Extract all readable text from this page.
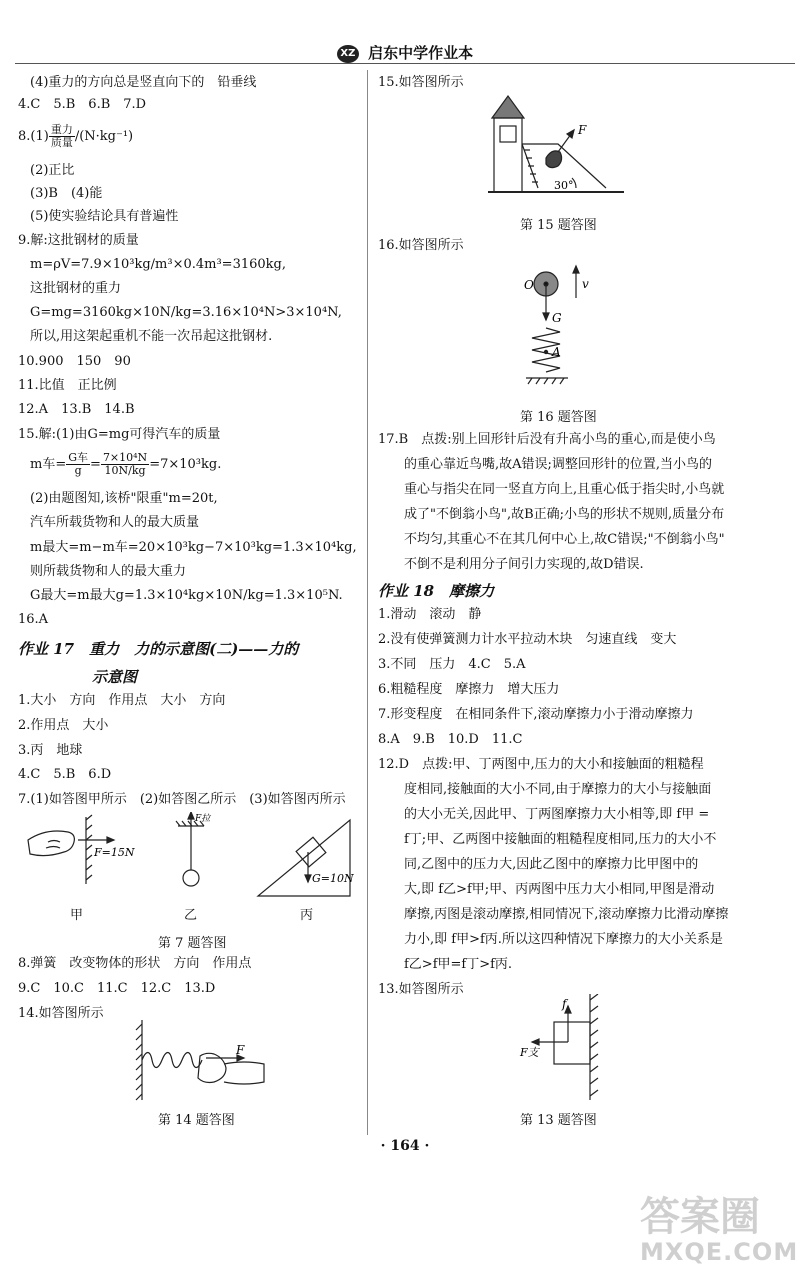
XZ 启东中学作业本
(4)重力的方向总是竖直向下的　铅垂线
4.C　5.B　6.B　7.D
$8.(1) \frac{\text{重力}}{\text{质量}} /(N\cdot kg^{-1})$
(2)正比
(3)B　(4)能
(5)使实验结论具有普遍性
9.解:这批钢材的质量
m=ρV=7.9×10³kg/m³×0.4m³=3160kg,
这批钢材的重力
G=mg=3160kg×10N/kg=3.16×10⁴N>3×10⁴N,
所以,用这架起重机不能一次吊起这批钢材.
10.900　150　90
11.比值　正比例
12.A　13.B　14.B
15.解:(1)由G=mg可得汽车的质量
m车= $\frac{\text{G车}}{g} = \frac{\text{7×10⁴N}}{10N/kg} =7\times 10^3kg$.
(2)由题图知,该桥"限重"m=20t,
汽车所载货物和人的最大质量
m最大=m−m车=20×10³kg−7×10³kg=1.3×10⁴kg,
则所载货物和人的最大重力
G最大=m最大g=1.3×10⁴kg×10N/kg=1.3×10⁵N.
16.A
作业 17　重力　力的示意图(二)——力的
示意图
1.大小　方向　作用点　大小　方向
2.作用点　大小
3.丙　地球
4.C　5.B　6.D
7.(1)如答图甲所示　(2)如答图乙所示　(3)如答图丙所示
F=15N
F拉
G=10N
甲	乙	丙
第 7 题答图
8.弹簧　改变物体的形状　方向　作用点
9.C　10.C　11.C　12.C　13.D
14.如答图所示
F
第 14 题答图
15.如答图所示
F
30°
第 15 题答图
16.如答图所示
O	v
G
A
第 16 题答图
17.B　点拨:别上回形针后没有升高小鸟的重心,而是使小鸟
的重心靠近鸟嘴,故A错误;调整回形针的位置,当小鸟的
重心与指尖在同一竖直方向上,且重心低于指尖时,小鸟就
成了"不倒翁小鸟",故B正确;小鸟的形状不规则,质量分布
不均匀,其重心不在其几何中心上,故C错误;"不倒翁小鸟"
不倒不是利用分子间引力实现的,故D错误.
作业 18　摩擦力
1.滑动　滚动　静
2.没有使弹簧测力计水平拉动木块　匀速直线　变大
3.不同　压力　4.C　5.A
6.粗糙程度　摩擦力　增大压力
7.形变程度　在相同条件下,滚动摩擦力小于滑动摩擦力
8.A　9.B　10.D　11.C
12.D　点拨:甲、丁两图中,压力的大小和接触面的粗糙程
度相同,接触面的大小不同,由于摩擦力的大小与接触面
的大小无关,因此甲、丁两图摩擦力大小相等,即 f甲 =
f丁;甲、乙两图中接触面的粗糙程度相同,压力的大小不
同,乙图中的压力大,因此乙图中的摩擦力比甲图中的
大,即 f乙>f甲;甲、丙两图中压力大小相同,甲图是滑动
摩擦,丙图是滚动摩擦,相同情况下,滚动摩擦力比滑动摩擦
力小,即 f甲>f丙.所以这四种情况下摩擦力的大小关系是
f乙>f甲=f丁>f丙.
13.如答图所示
f
F支
第 13 题答图
· 164 ·
答案圈
MXQE.COM
